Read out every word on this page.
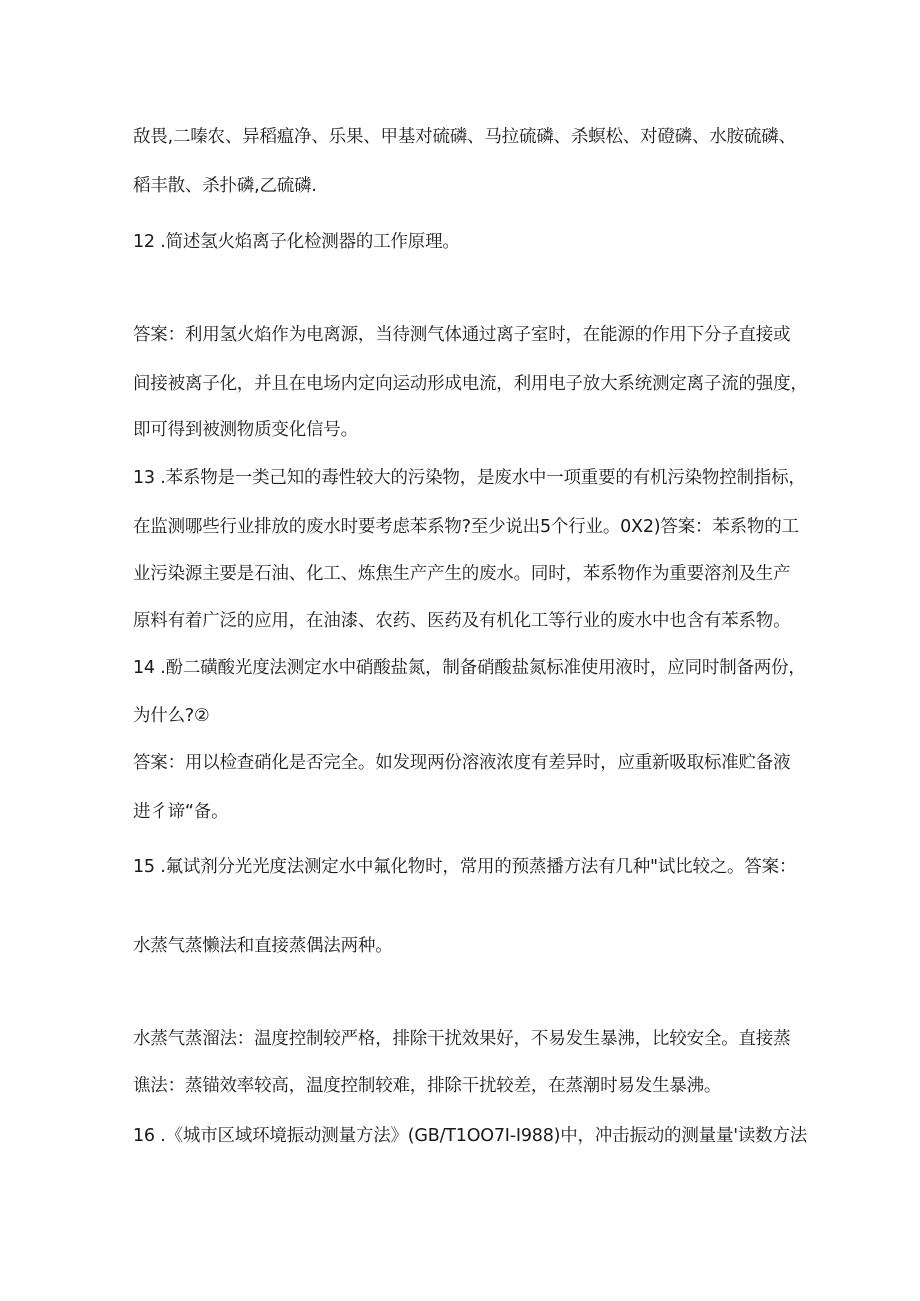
敌畏,二嗪农、异稻瘟净、乐果、甲基对硫磷、马拉硫磷、杀螟松、对磴磷、水胺硫磷、
稻丰散、杀扑磷,乙硫磷.
12 .简述氢火焰离子化检测器的工作原理。
答案：利用氢火焰作为电离源，当待测气体通过离子室时，在能源的作用下分子直接或
间接被离子化，并且在电场内定向运动形成电流，利用电子放大系统测定离子流的强度，
即可得到被测物质变化信号。
13 .苯系物是一类己知的毒性较大的污染物，是废水中一项重要的有机污染物控制指标，
在监测哪些行业排放的废水时要考虑苯系物?至少说出5个行业。0X2)答案：苯系物的工
业污染源主要是石油、化工、炼焦生产产生的废水。同时，苯系物作为重要溶剂及生产
原料有着广泛的应用，在油漆、农药、医药及有机化工等行业的废水中也含有苯系物。
14 .酚二磺酸光度法测定水中硝酸盐氮，制备硝酸盐氮标准使用液时，应同时制备两份，
为什么?②
答案：用以检查硝化是否完全。如发现两份溶液浓度有差异时，应重新吸取标准贮备液
进彳谛“备。
15 .氟试剂分光光度法测定水中氟化物时，常用的预蒸播方法有几种"试比较之。答案：
水蒸气蒸懒法和直接蒸偶法两种。
水蒸气蒸溜法：温度控制较严格，排除干扰效果好，不易发生暴沸，比较安全。直接蒸
谯法：蒸锚效率较高，温度控制较难，排除干扰较差，在蒸潮时易发生暴沸。
16 .《城市区域环境振动测量方法》(GB/T1OO7I-I988)中，冲击振动的测量量'读数方法
